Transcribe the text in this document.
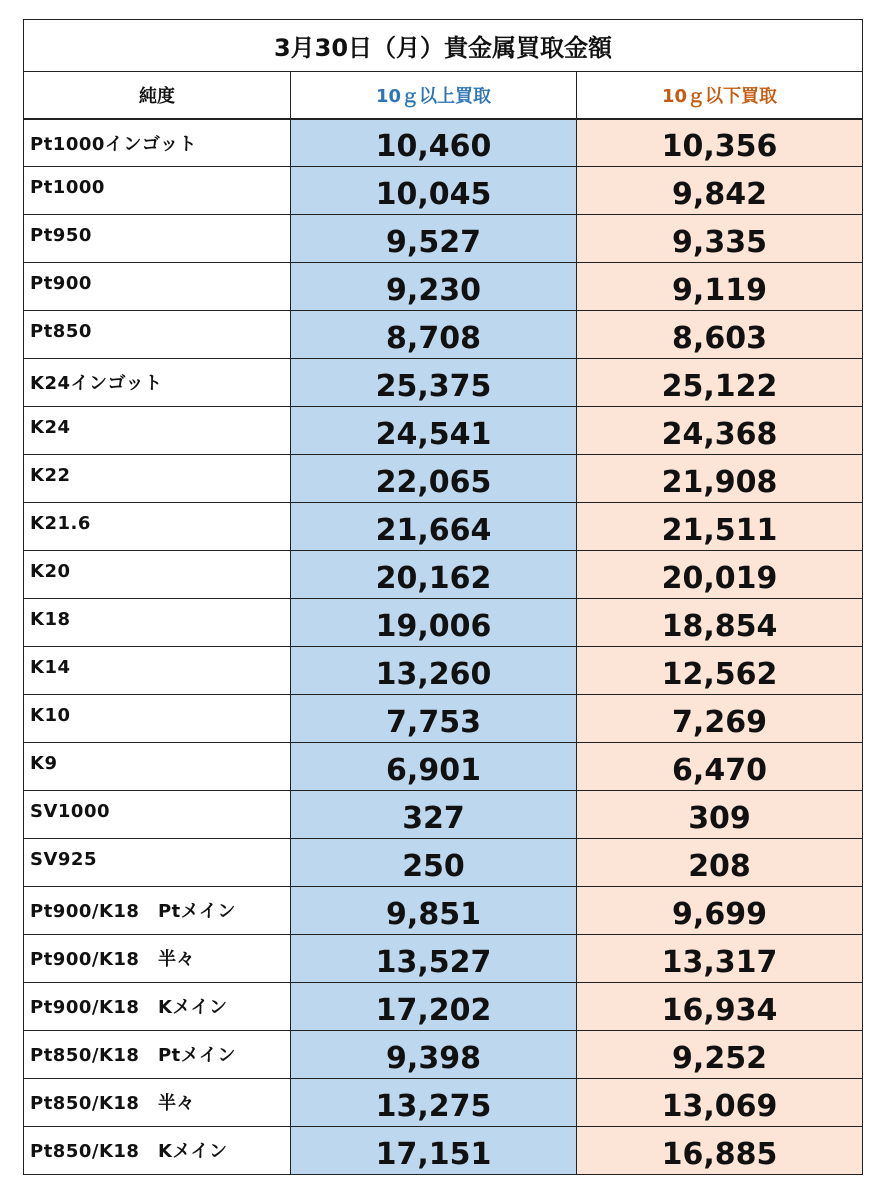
3月30日（月）貴金属買取金額		
純度	10ｇ以上買取	10ｇ以下買取
Pt1000インゴット	10,460	10,356
Pt1000	10,045	9,842
Pt950	9,527	9,335
Pt900	9,230	9,119
Pt850	8,708	8,603
K24インゴット	25,375	25,122
K24	24,541	24,368
K22	22,065	21,908
K21.6	21,664	21,511
K20	20,162	20,019
K18	19,006	18,854
K14	13,260	12,562
K10	7,753	7,269
K9	6,901	6,470
SV1000	327	309
SV925	250	208
Pt900/K18　Ptメイン	9,851	9,699
Pt900/K18　半々	13,527	13,317
Pt900/K18　Kメイン	17,202	16,934
Pt850/K18　Ptメイン	9,398	9,252
Pt850/K18　半々	13,275	13,069
Pt850/K18　Kメイン	17,151	16,885
